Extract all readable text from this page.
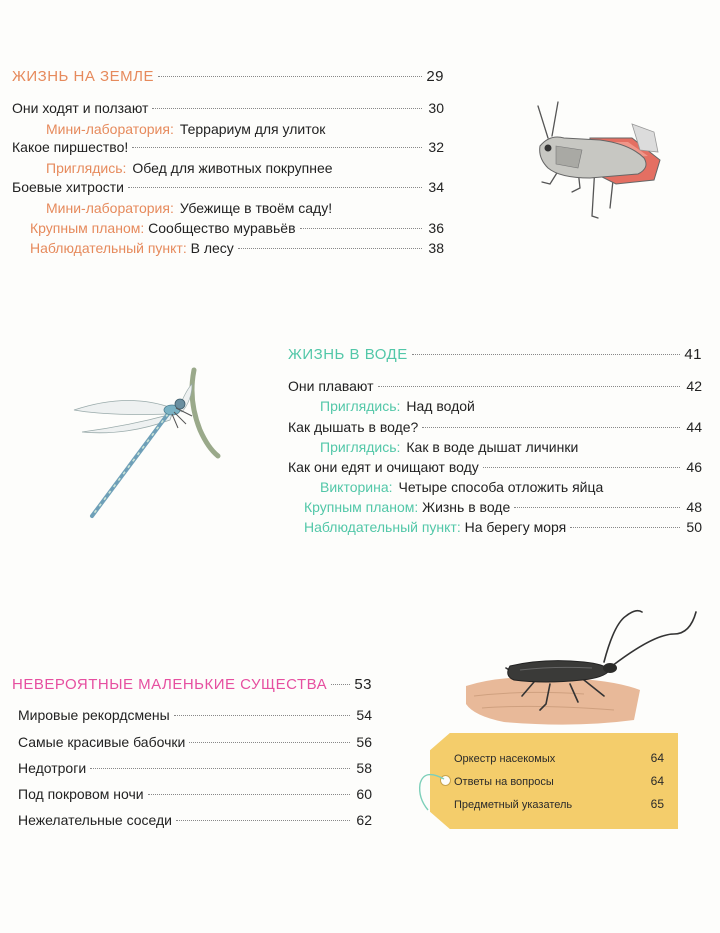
ЖИЗНЬ НА ЗЕМЛЕ	29
Они ходят и ползают	30
Мини-лаборатория: Террариум для улиток
Какое пиршество!	32
Приглядись: Обед для животных покрупнее
Боевые хитрости	34
Мини-лаборатория: Убежище в твоём саду!
Крупным планом: Сообщество муравьёв	36
Наблюдательный пункт: В лесу	38
ЖИЗНЬ В ВОДЕ	41
Они плавают	42
Приглядись: Над водой
Как дышать в воде?	44
Приглядись: Как в воде дышат личинки
Как они едят и очищают воду	46
Викторина: Четыре способа отложить яйца
Крупным планом: Жизнь в воде	48
Наблюдательный пункт: На берегу моря	50
НЕВЕРОЯТНЫЕ МАЛЕНЬКИЕ СУЩЕСТВА 53
Мировые рекордсмены	54
Самые красивые бабочки	56
Недотроги	58
Под покровом ночи	60
Нежелательные соседи	62
Оркестр насекомых	64
Ответы на вопросы	64
Предметный указатель	65
